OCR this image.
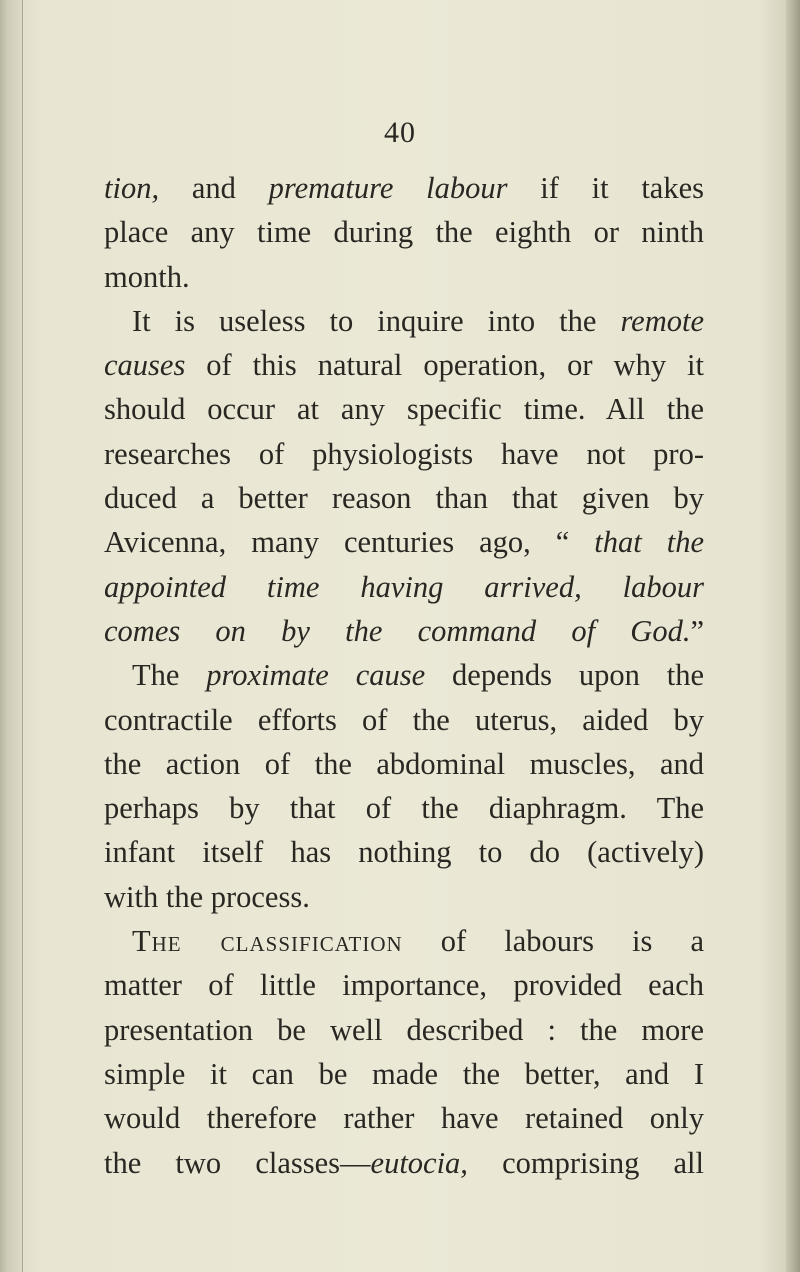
40
tion, and premature labour if it takes
place any time during the eighth or ninth
month.
It is useless to inquire into the remote
causes of this natural operation, or why it
should occur at any specific time. All the
researches of physiologists have not pro-
duced a better reason than that given by
Avicenna, many centuries ago, “ that the
appointed time having arrived, labour
comes on by the command of God.”
The proximate cause depends upon the
contractile efforts of the uterus, aided by
the action of the abdominal muscles, and
perhaps by that of the diaphragm. The
infant itself has nothing to do (actively)
with the process.
The classification of labours is a
matter of little importance, provided each
presentation be well described : the more
simple it can be made the better, and I
would therefore rather have retained only
the two classes—eutocia, comprising all
